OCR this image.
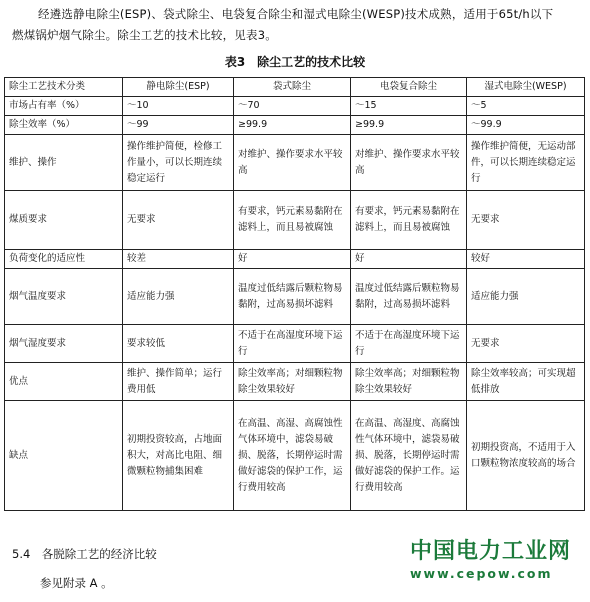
经遴选静电除尘(ESP)、袋式除尘、电袋复合除尘和湿式电除尘(WESP)技术成熟，适用于65t/h以下

燃煤锅炉烟气除尘。除尘工艺的技术比较，见表3。

表3　除尘工艺的技术比较
除尘工艺技术分类	静电除尘(ESP)	袋式除尘	电袋复合除尘	湿式电除尘(WESP)
市场占有率（%）	～10	～70	～15	～5
除尘效率（%）	～99	≥99.9	≥99.9	～99.9
维护、操作	操作维护简便，检修工作量小，可以长期连续稳定运行	对维护、操作要求水平较高	对维护、操作要求水平较高	操作维护简便，无运动部件，可以长期连续稳定运行
煤质要求	无要求	有要求，钙元素易黏附在滤料上，而且易被腐蚀	有要求，钙元素易黏附在滤料上，而且易被腐蚀	无要求
负荷变化的适应性	较差	好	好	较好
烟气温度要求	适应能力强	温度过低结露后颗粒物易黏附，过高易损坏滤料	温度过低结露后颗粒物易黏附，过高易损坏滤料	适应能力强
烟气湿度要求	要求较低	不适于在高湿度环境下运行	不适于在高湿度环境下运行	无要求
优点	维护、操作简单；运行费用低	除尘效率高；对细颗粒物除尘效果较好	除尘效率高；对细颗粒物除尘效果较好	除尘效率较高；可实现超低排放
缺点	初期投资较高，占地面积大，对高比电阻、细微颗粒物捕集困难	在高温、高湿、高腐蚀性气体环境中，滤袋易破损、脱落，长期停运时需做好滤袋的保护工作，运行费用较高	在高温、高湿度、高腐蚀性气体环境中，滤袋易破损、脱落，长期停运时需做好滤袋的保护工作。运行费用较高	初期投资高，不适用于入口颗粒物浓度较高的场合
5.4　各脱除工艺的经济比较
参见附录 A 。
中国电力工业网
www.cepow.com
